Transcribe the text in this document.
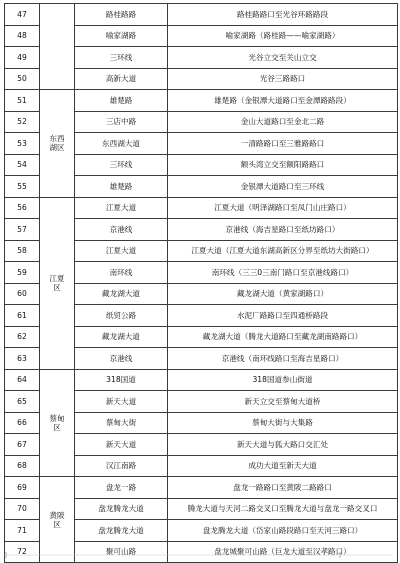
47		路桂路路	路桂路路口至光谷环路路段
48		喻家湖路	喻家湖路（路桂路——喻家湖路）
49		三环线	光谷立交至关山立交
50		高新大道	光谷三路路口
51	东西湖区	雄楚路	雄楚路（金银潭大道路口至金潭路路段）
52		三店中路	金山大道路口至金北二路
53		东西湖大道	一清路路口至三雅路路口
54		三环线	额头湾立交至额阳路路口
55		雄楚路	金银潭大道路口至三环线
56	江夏区	江夏大道	江夏大道（明泽湖路口至凤门山庄路口）
57		京港线	京港线（海吉星路口至纸坊路口）
58		江夏大道	江夏大道（江夏大道东湖高新区分界至纸坊大街路口）
59		南环线	南环线（三三0三南门路口至京港线路口）
60		藏龙湖大道	藏龙湖大道（黄家湖路口）
61		纸贸公路	水泥厂路路口至四通桥路段
62		藏龙湖大道	藏龙湖大道（腾龙大道路口至藏龙湖南路路口）
63		京港线	京港线（南环线路口至海吉星路口）
64	蔡甸区	318国道	318国道参山街道
65		新天大道	新天立交至蔡甸大道桥
66		蔡甸大街	蔡甸大街与大集路
67		新天大道	新天大道与狐大路口交汇处
68		汉江南路	成功大道至新天大道
69	黄陂区	盘龙一路	盘龙一路路口至黄陂二路路口
70		盘龙腾龙大道	腾龙大道与天河二路交叉口至腾龙大道与盘龙一路交叉口
71		盘龙腾龙大道	盘龙腾龙大道（岱家山路段路口至天河三路口）
72		聚可山路	盘龙城聚可山路（巨龙大道至汉孝路口）
